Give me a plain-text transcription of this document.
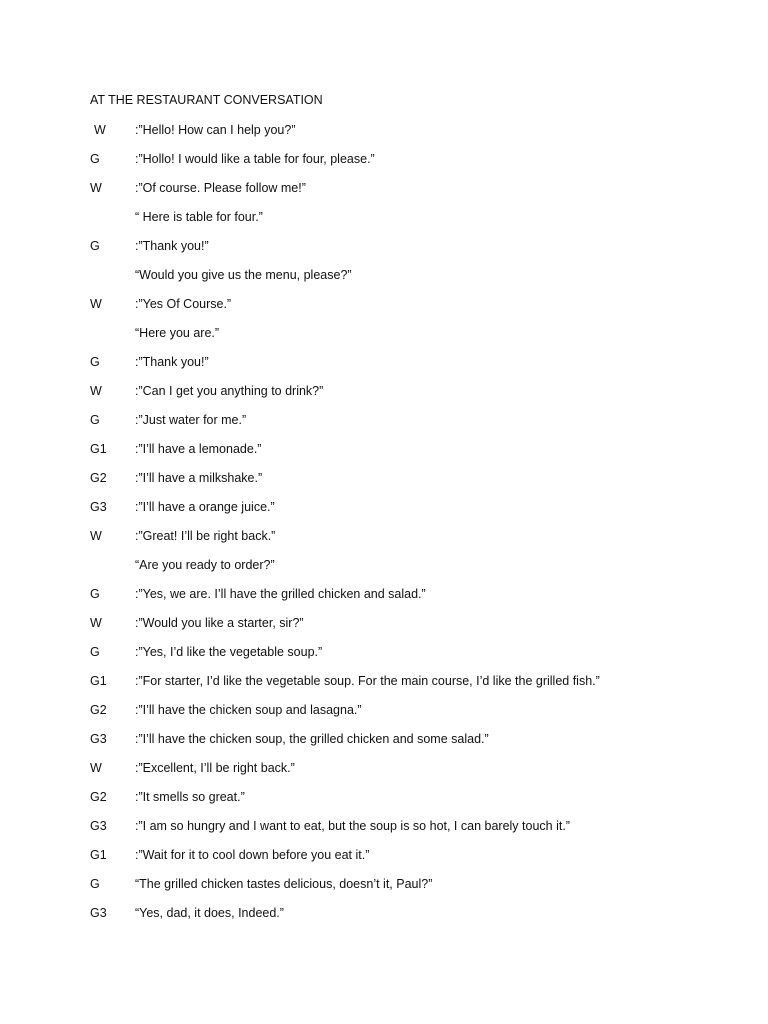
AT THE RESTAURANT CONVERSATION
W :”Hello! How can I help you?”
G	:”Hollo! I would like a table for four, please.”
W	:”Of course. Please follow me!”
“ Here is table for four.”
G	:”Thank you!”
“Would you give us the menu, please?”
W	:”Yes Of Course.”
“Here you are.”
G	:”Thank you!”
W	:”Can I get you anything to drink?”
G	:”Just water for me.”
G1 :”I’ll have a lemonade.”
G2 :”I’ll have a milkshake.”
G3 :”I’ll have a orange juice.”
W	:”Great! I’ll be right back.”
“Are you ready to order?”
G	:”Yes, we are. I’ll have the grilled chicken and salad.”
W	:”Would you like a starter, sir?”
G	:”Yes, I’d like the vegetable soup.”
G1 :”For starter, I’d like the vegetable soup. For the main course, I’d like the grilled fish.”
G2 :”I’ll have the chicken soup and lasagna.”
G3 :”I’ll have the chicken soup, the grilled chicken and some salad.”
W	:”Excellent, I’ll be right back.”
G2 :”It smells so great.”
G3 :”I am so hungry and I want to eat, but the soup is so hot, I can barely touch it.”
G1 :”Wait for it to cool down before you eat it.”
G	“The grilled chicken tastes delicious, doesn’t it, Paul?”
G3 “Yes, dad, it does, Indeed.”
